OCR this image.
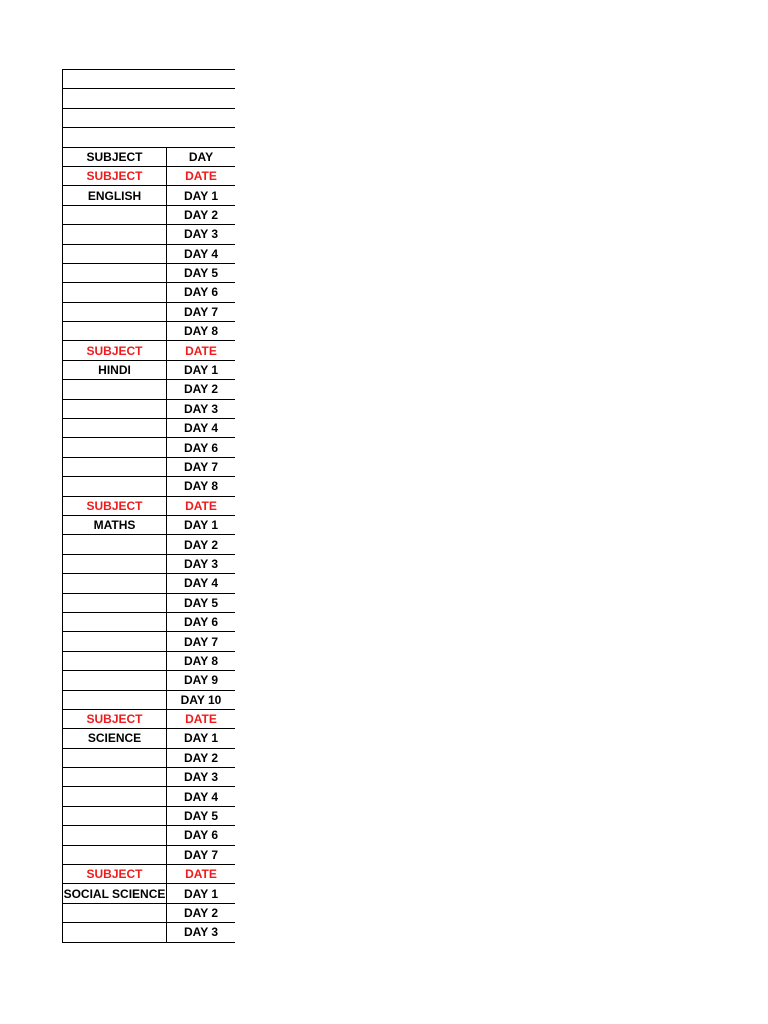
SUBJECT	DAY
SUBJECT	DATE
ENGLISH	DAY 1
	DAY 2
	DAY 3
	DAY 4
	DAY 5
	DAY 6
	DAY 7
	DAY 8
SUBJECT	DATE
HINDI	DAY 1
	DAY 2
	DAY 3
	DAY 4
	DAY 6
	DAY 7
	DAY 8
SUBJECT	DATE
MATHS	DAY 1
	DAY 2
	DAY 3
	DAY 4
	DAY 5
	DAY 6
	DAY 7
	DAY 8
	DAY 9
	DAY 10
SUBJECT	DATE
SCIENCE	DAY 1
	DAY 2
	DAY 3
	DAY 4
	DAY 5
	DAY 6
	DAY 7
SUBJECT	DATE
SOCIAL SCIENCE	DAY 1
	DAY 2
	DAY 3
